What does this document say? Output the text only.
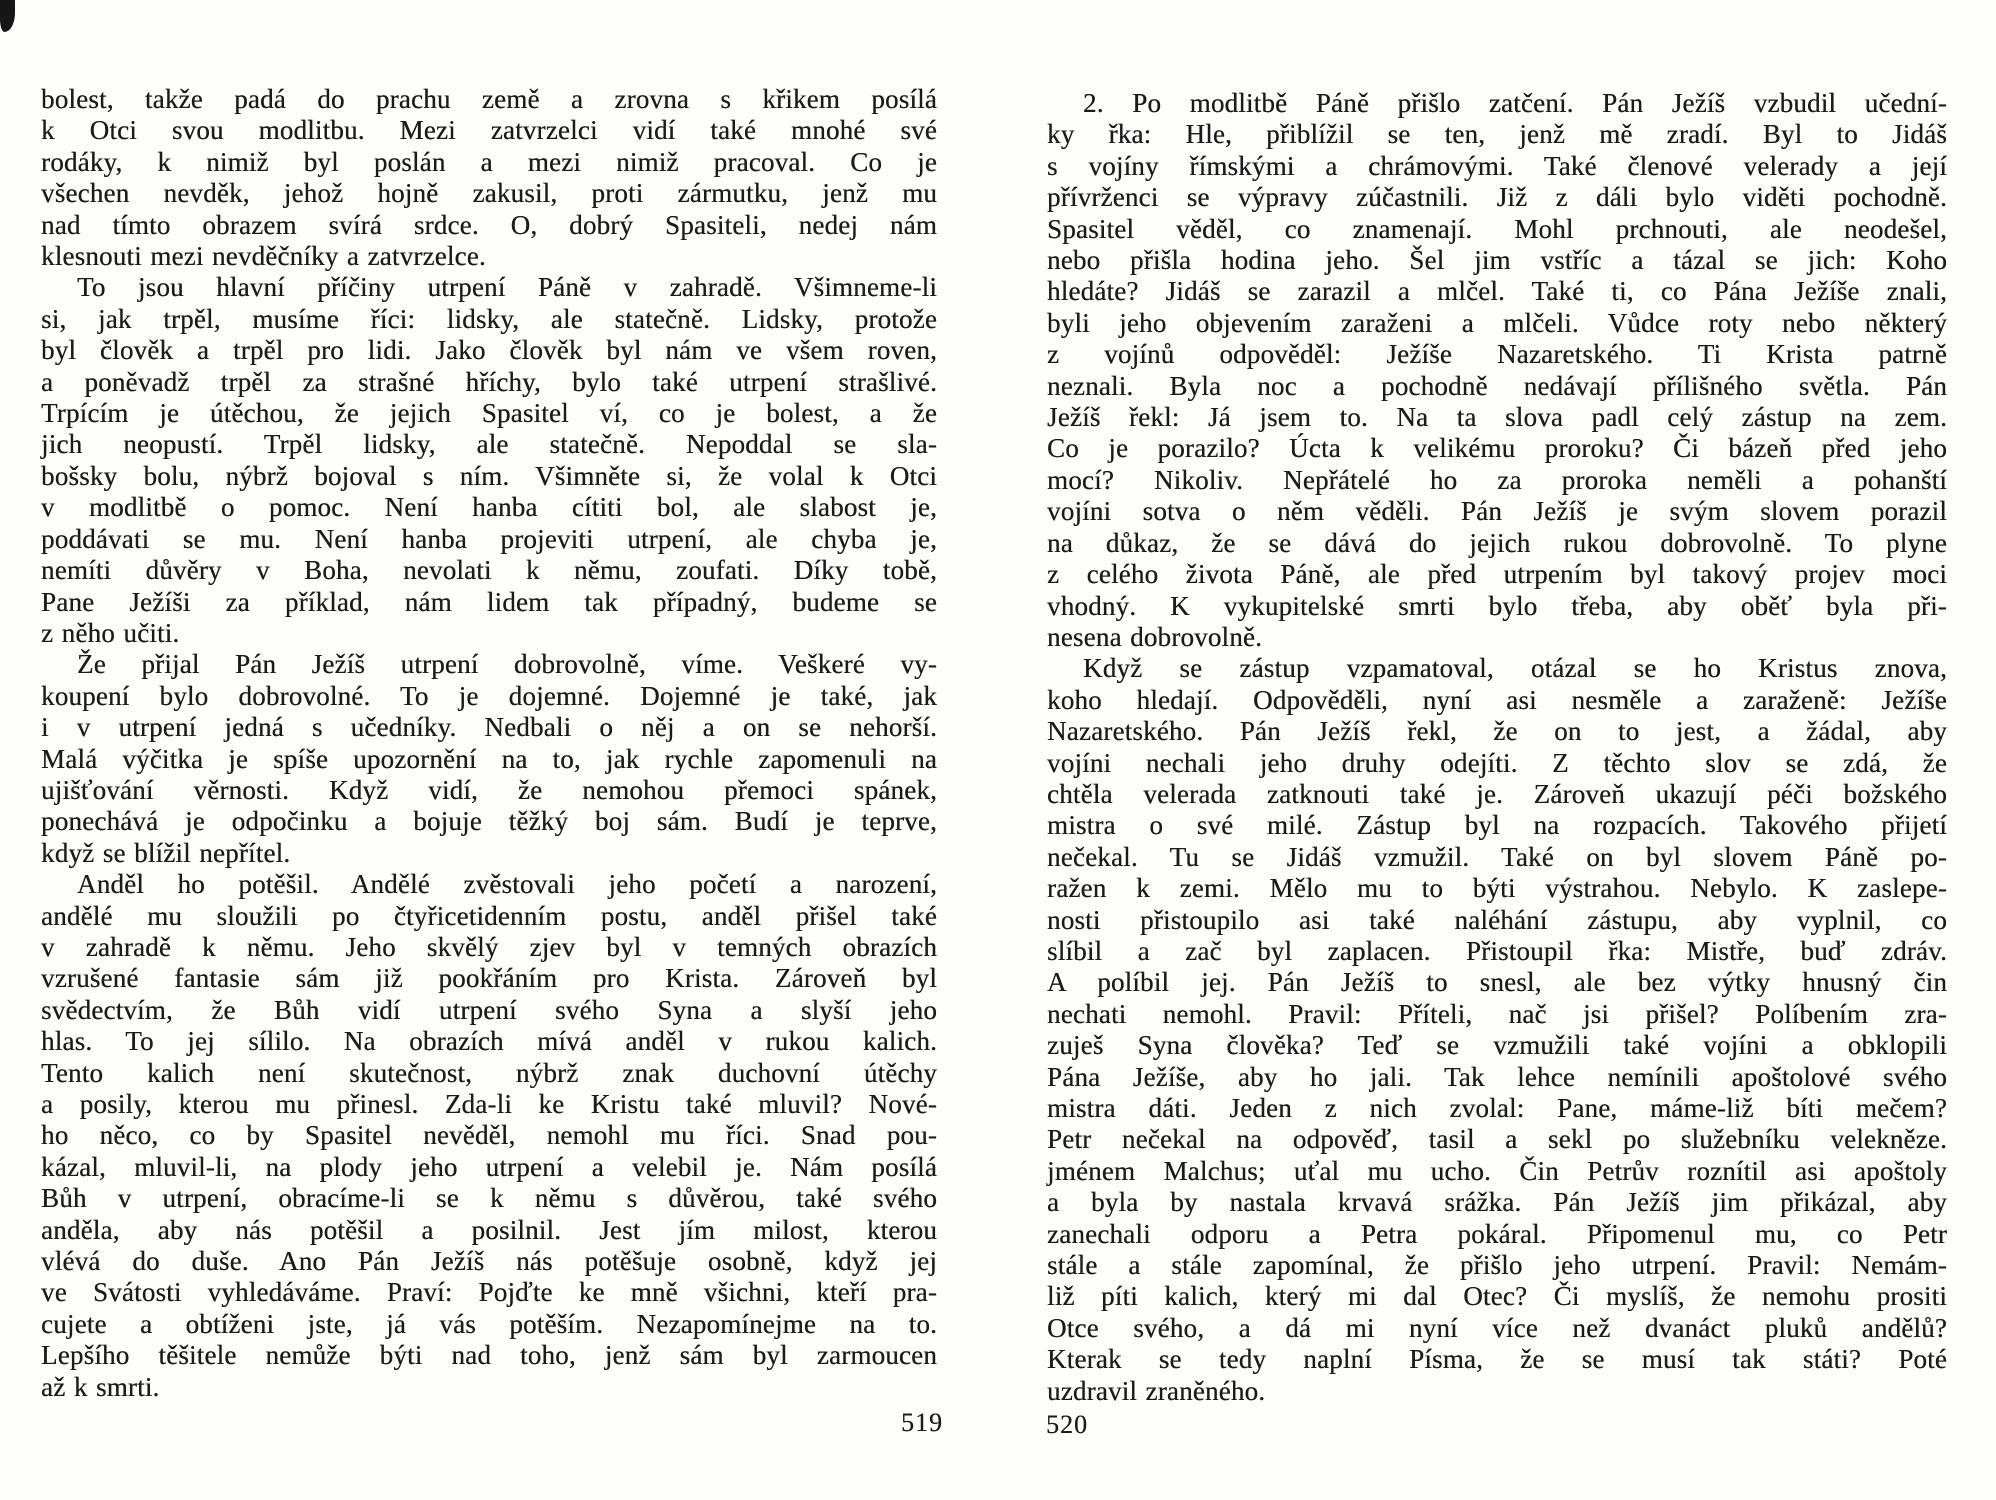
bolest, takže padá do prachu země a zrovna s křikem posílá
k Otci svou modlitbu. Mezi zatvrzelci vidí také mnohé své
rodáky, k nimiž byl poslán a mezi nimiž pracoval. Co je
všechen nevděk, jehož hojně zakusil, proti zármutku, jenž mu
nad tímto obrazem svírá srdce. O, dobrý Spasiteli, nedej nám
klesnouti mezi nevděčníky a zatvrzelce.
To jsou hlavní příčiny utrpení Páně v zahradě. Všimneme-li
si, jak trpěl, musíme říci: lidsky, ale statečně. Lidsky, protože
byl člověk a trpěl pro lidi. Jako člověk byl nám ve všem roven,
a poněvadž trpěl za strašné hříchy, bylo také utrpení strašlivé.
Trpícím je útěchou, že jejich Spasitel ví, co je bolest, a že
jich neopustí. Trpěl lidsky, ale statečně. Nepoddal se sla-
bošsky bolu, nýbrž bojoval s ním. Všimněte si, že volal k Otci
v modlitbě o pomoc. Není hanba cítiti bol, ale slabost je,
poddávati se mu. Není hanba projeviti utrpení, ale chyba je,
nemíti důvěry v Boha, nevolati k němu, zoufati. Díky tobě,
Pane Ježíši za příklad, nám lidem tak případný, budeme se
z něho učiti.
Že přijal Pán Ježíš utrpení dobrovolně, víme. Veškeré vy-
koupení bylo dobrovolné. To je dojemné. Dojemné je také, jak
i v utrpení jedná s učedníky. Nedbali o něj a on se nehorší.
Malá výčitka je spíše upozornění na to, jak rychle zapomenuli na
ujišťování věrnosti. Když vidí, že nemohou přemoci spánek,
ponechává je odpočinku a bojuje těžký boj sám. Budí je teprve,
když se blížil nepřítel.
Anděl ho potěšil. Andělé zvěstovali jeho početí a narození,
andělé mu sloužili po čtyřicetidenním postu, anděl přišel také
v zahradě k němu. Jeho skvělý zjev byl v temných obrazích
vzrušené fantasie sám již pookřáním pro Krista. Zároveň byl
svědectvím, že Bůh vidí utrpení svého Syna a slyší jeho
hlas. To jej sílilo. Na obrazích mívá anděl v rukou kalich.
Tento kalich není skutečnost, nýbrž znak duchovní útěchy
a posily, kterou mu přinesl. Zda-li ke Kristu také mluvil? Nové-
ho něco, co by Spasitel nevěděl, nemohl mu říci. Snad pou-
kázal, mluvil-li, na plody jeho utrpení a velebil je. Nám posílá
Bůh v utrpení, obracíme-li se k němu s důvěrou, také svého
anděla, aby nás potěšil a posilnil. Jest jím milost, kterou
vlévá do duše. Ano Pán Ježíš nás potěšuje osobně, když jej
ve Svátosti vyhledáváme. Praví: Pojďte ke mně všichni, kteří pra-
cujete a obtíženi jste, já vás potěším. Nezapomínejme na to.
Lepšího těšitele nemůže býti nad toho, jenž sám byl zarmoucen
až k smrti.
2. Po modlitbě Páně přišlo zatčení. Pán Ježíš vzbudil učední-
ky řka: Hle, přiblížil se ten, jenž mě zradí. Byl to Jidáš
s vojíny římskými a chrámovými. Také členové velerady a její
přívrženci se výpravy zúčastnili. Již z dáli bylo viděti pochodně.
Spasitel věděl, co znamenají. Mohl prchnouti, ale neodešel,
nebo přišla hodina jeho. Šel jim vstříc a tázal se jich: Koho
hledáte? Jidáš se zarazil a mlčel. Také ti, co Pána Ježíše znali,
byli jeho objevením zaraženi a mlčeli. Vůdce roty nebo některý
z vojínů odpověděl: Ježíše Nazaretského. Ti Krista patrně
neznali. Byla noc a pochodně nedávají přílišného světla. Pán
Ježíš řekl: Já jsem to. Na ta slova padl celý zástup na zem.
Co je porazilo? Úcta k velikému proroku? Či bázeň před jeho
mocí? Nikoliv. Nepřátelé ho za proroka neměli a pohanští
vojíni sotva o něm věděli. Pán Ježíš je svým slovem porazil
na důkaz, že se dává do jejich rukou dobrovolně. To plyne
z celého života Páně, ale před utrpením byl takový projev moci
vhodný. K vykupitelské smrti bylo třeba, aby oběť byla při-
nesena dobrovolně.
Když se zástup vzpamatoval, otázal se ho Kristus znova,
koho hledají. Odpověděli, nyní asi nesměle a zaraženě: Ježíše
Nazaretského. Pán Ježíš řekl, že on to jest, a žádal, aby
vojíni nechali jeho druhy odejíti. Z těchto slov se zdá, že
chtěla velerada zatknouti také je. Zároveň ukazují péči božského
mistra o své milé. Zástup byl na rozpacích. Takového přijetí
nečekal. Tu se Jidáš vzmužil. Také on byl slovem Páně po-
ražen k zemi. Mělo mu to býti výstrahou. Nebylo. K zaslepe-
nosti přistoupilo asi také naléhání zástupu, aby vyplnil, co
slíbil a zač byl zaplacen. Přistoupil řka: Mistře, buď zdráv.
A políbil jej. Pán Ježíš to snesl, ale bez výtky hnusný čin
nechati nemohl. Pravil: Příteli, nač jsi přišel? Políbením zra-
zuješ Syna člověka? Teď se vzmužili také vojíni a obklopili
Pána Ježíše, aby ho jali. Tak lehce nemínili apoštolové svého
mistra dáti. Jeden z nich zvolal: Pane, máme-liž bíti mečem?
Petr nečekal na odpověď, tasil a sekl po služebníku velekněze.
jménem Malchus; uťal mu ucho. Čin Petrův roznítil asi apoštoly
a byla by nastala krvavá srážka. Pán Ježíš jim přikázal, aby
zanechali odporu a Petra pokáral. Připomenul mu, co Petr
stále a stále zapomínal, že přišlo jeho utrpení. Pravil: Nemám-
liž píti kalich, který mi dal Otec? Či myslíš, že nemohu prositi
Otce svého, a dá mi nyní více než dvanáct pluků andělů?
Kterak se tedy naplní Písma, že se musí tak státi? Poté
uzdravil zraněného.
519	520
